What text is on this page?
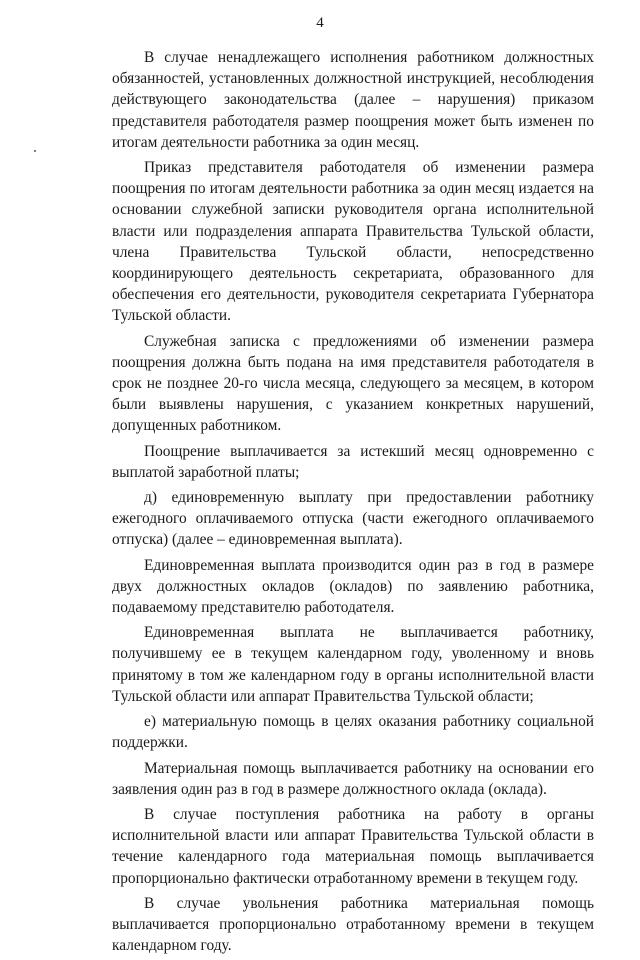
4

В случае ненадлежащего исполнения работником должностных обязанностей, установленных должностной инструкцией, несоблюдения действующего законодательства (далее – нарушения) приказом представителя работодателя размер поощрения может быть изменен по итогам деятельности работника за один месяц.

Приказ представителя работодателя об изменении размера поощрения по итогам деятельности работника за один месяц издается на основании служебной записки руководителя органа исполнительной власти или подразделения аппарата Правительства Тульской области, члена Правительства Тульской области, непосредственно координирующего деятельность секретариата, образованного для обеспечения его деятельности, руководителя секретариата Губернатора Тульской области.

Служебная записка с предложениями об изменении размера поощрения должна быть подана на имя представителя работодателя в срок не позднее 20-го числа месяца, следующего за месяцем, в котором были выявлены нарушения, с указанием конкретных нарушений, допущенных работником.

Поощрение выплачивается за истекший месяц одновременно с выплатой заработной платы;

д) единовременную выплату при предоставлении работнику ежегодного оплачиваемого отпуска (части ежегодного оплачиваемого отпуска) (далее – единовременная выплата).

Единовременная выплата производится один раз в год в размере двух должностных окладов (окладов) по заявлению работника, подаваемому представителю работодателя.

Единовременная выплата не выплачивается работнику, получившему ее в текущем календарном году, уволенному и вновь принятому в том же календарном году в органы исполнительной власти Тульской области или аппарат Правительства Тульской области;

е) материальную помощь в целях оказания работнику социальной поддержки.

Материальная помощь выплачивается работнику на основании его заявления один раз в год в размере должностного оклада (оклада).

В случае поступления работника на работу в органы исполнительной власти или аппарат Правительства Тульской области в течение календарного года материальная помощь выплачивается пропорционально фактически отработанному времени в текущем году.

В случае увольнения работника материальная помощь выплачивается пропорционально отработанному времени в текущем календарном году.
